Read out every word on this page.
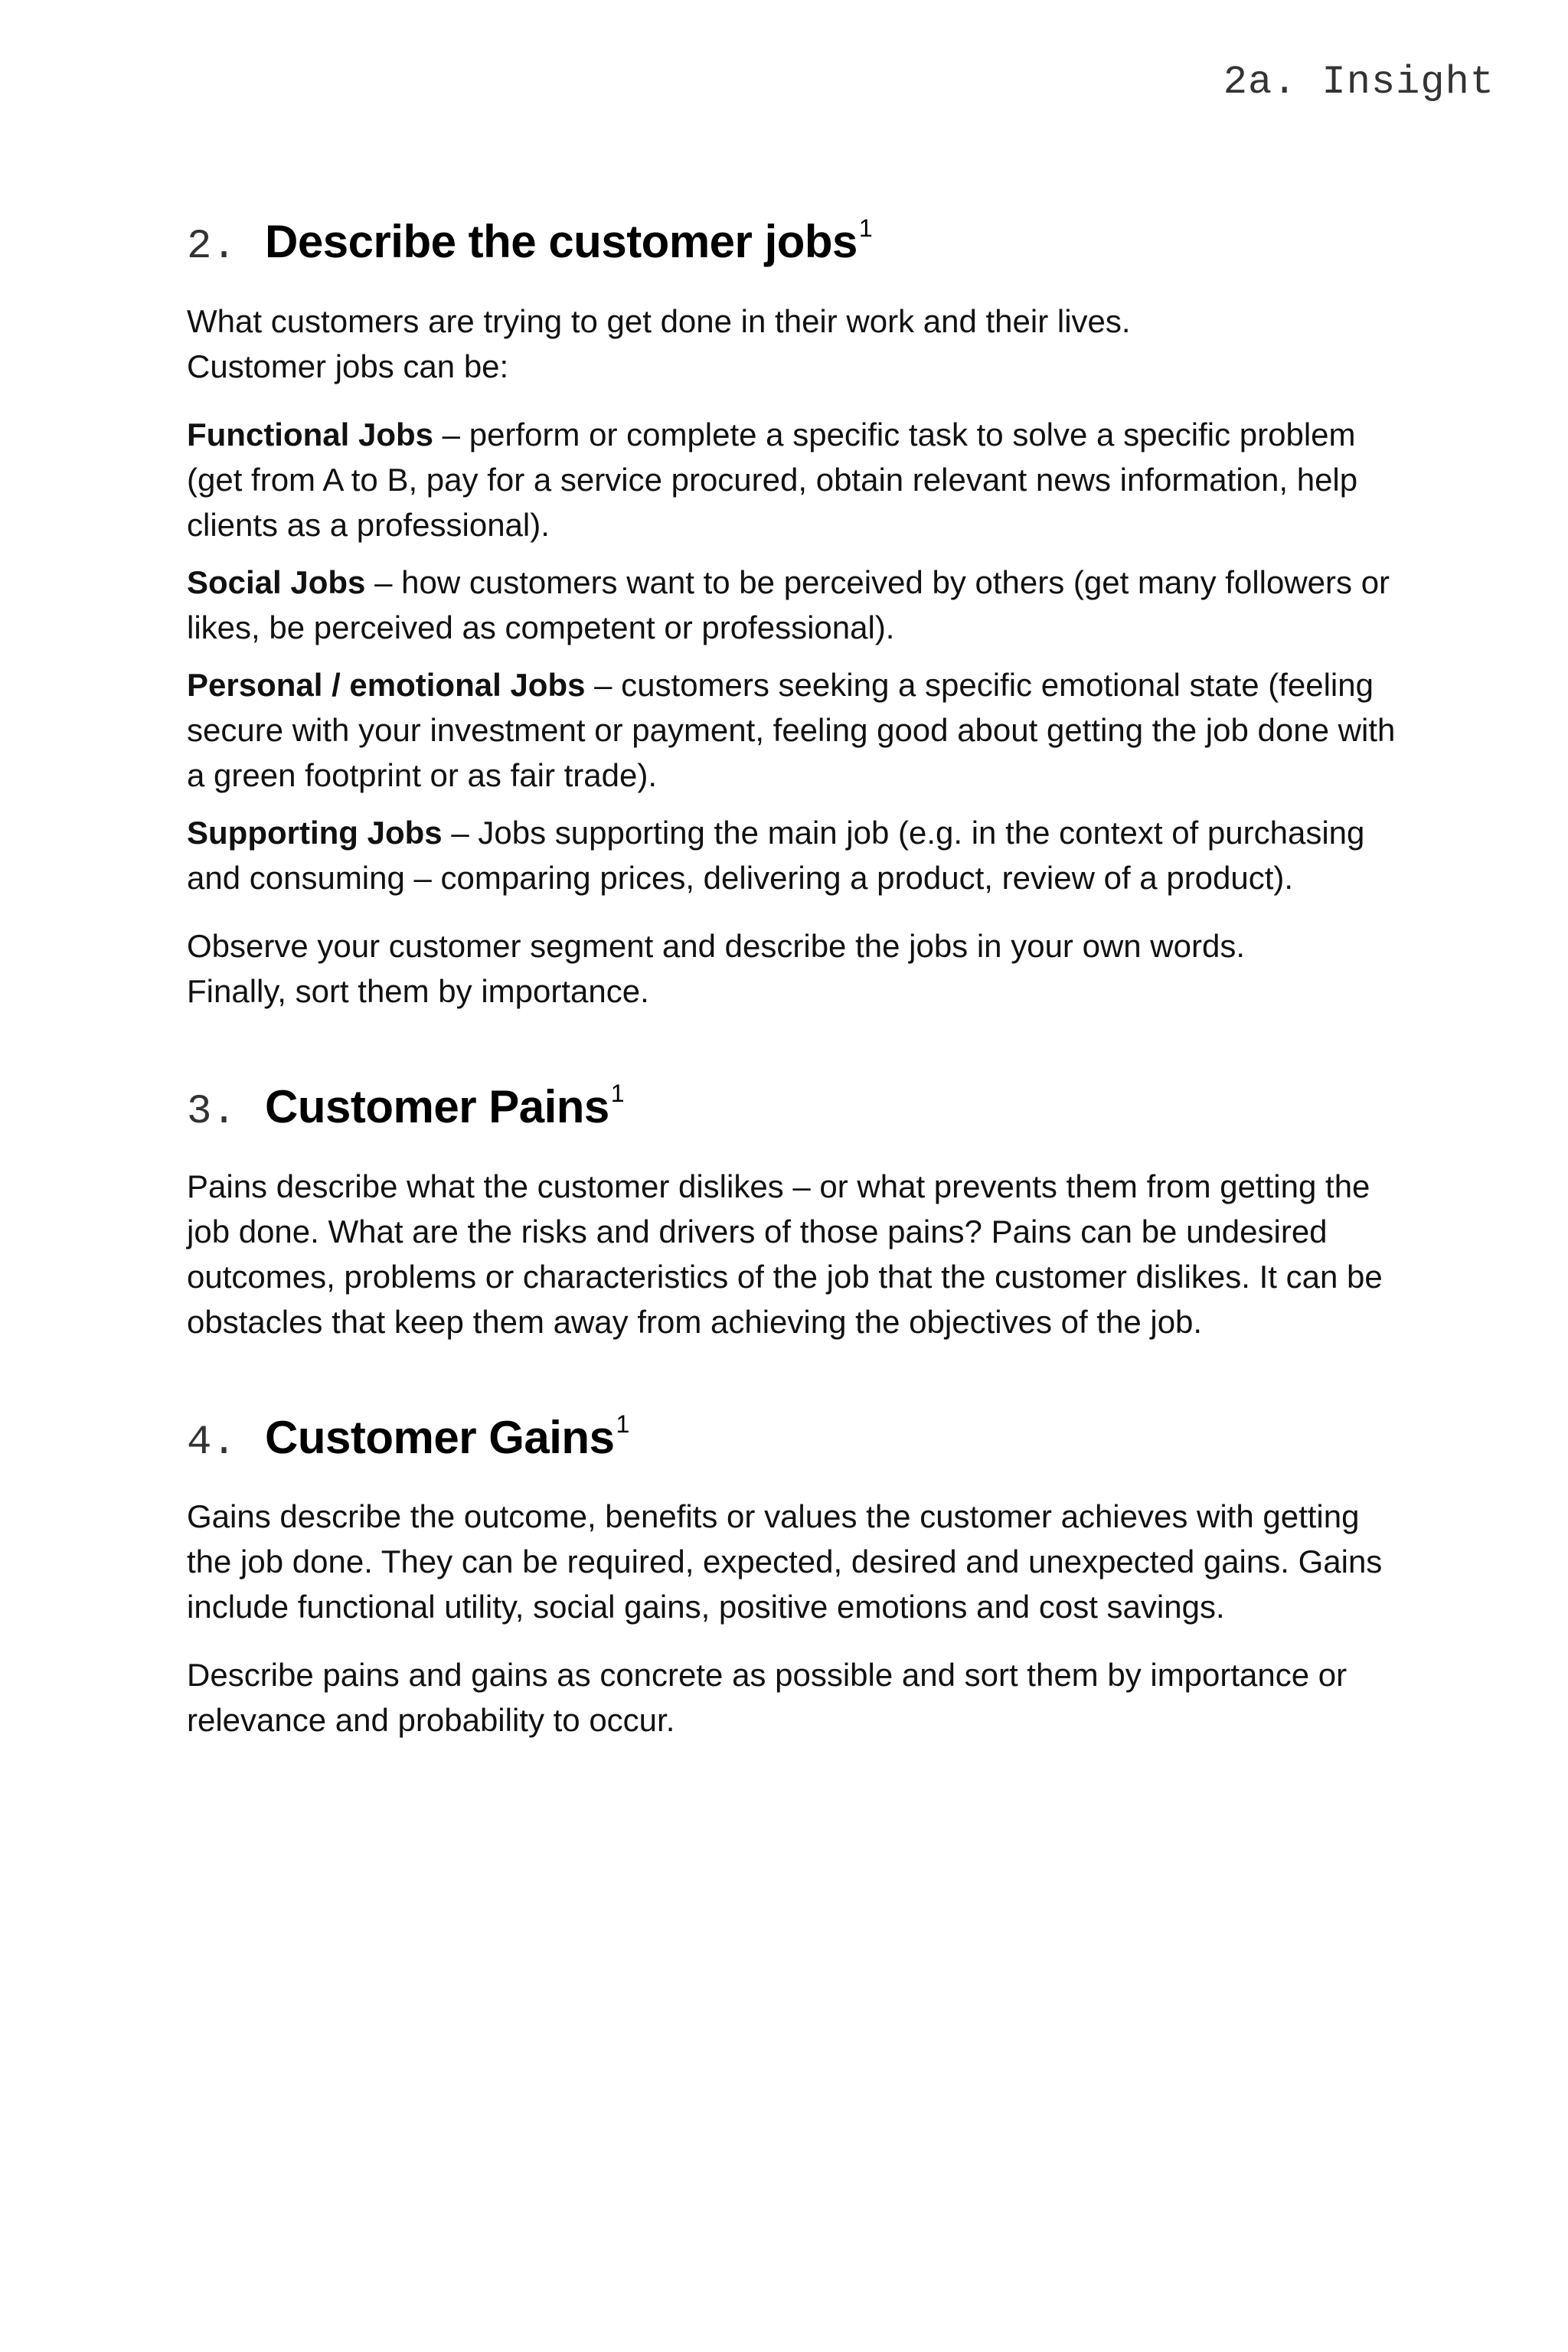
2a. Insight
2. Describe the customer jobs$^1$

What customers are trying to get done in their work and their lives.
Customer jobs can be:

Functional Jobs – perform or complete a specific task to solve a specific problem (get from A to B, pay for a service procured, obtain relevant news information, help clients as a professional).

Social Jobs – how customers want to be perceived by others (get many followers or likes, be perceived as competent or professional).

Personal / emotional Jobs – customers seeking a specific emotional state (feeling secure with your investment or payment, feeling good about getting the job done with a green footprint or as fair trade).

Supporting Jobs – Jobs supporting the main job (e.g. in the context of purchasing and consuming – comparing prices, delivering a product, review of a product).

Observe your customer segment and describe the jobs in your own words.
Finally, sort them by importance.

3. Customer Pains$^1$

Pains describe what the customer dislikes – or what prevents them from getting the job done. What are the risks and drivers of those pains? Pains can be undesired outcomes, problems or characteristics of the job that the customer dislikes. It can be obstacles that keep them away from achieving the objectives of the job.

4. Customer Gains$^1$

Gains describe the outcome, benefits or values the customer achieves with getting the job done. They can be required, expected, desired and unexpected gains. Gains include functional utility, social gains, positive emotions and cost savings.

Describe pains and gains as concrete as possible and sort them by importance or relevance and probability to occur.
